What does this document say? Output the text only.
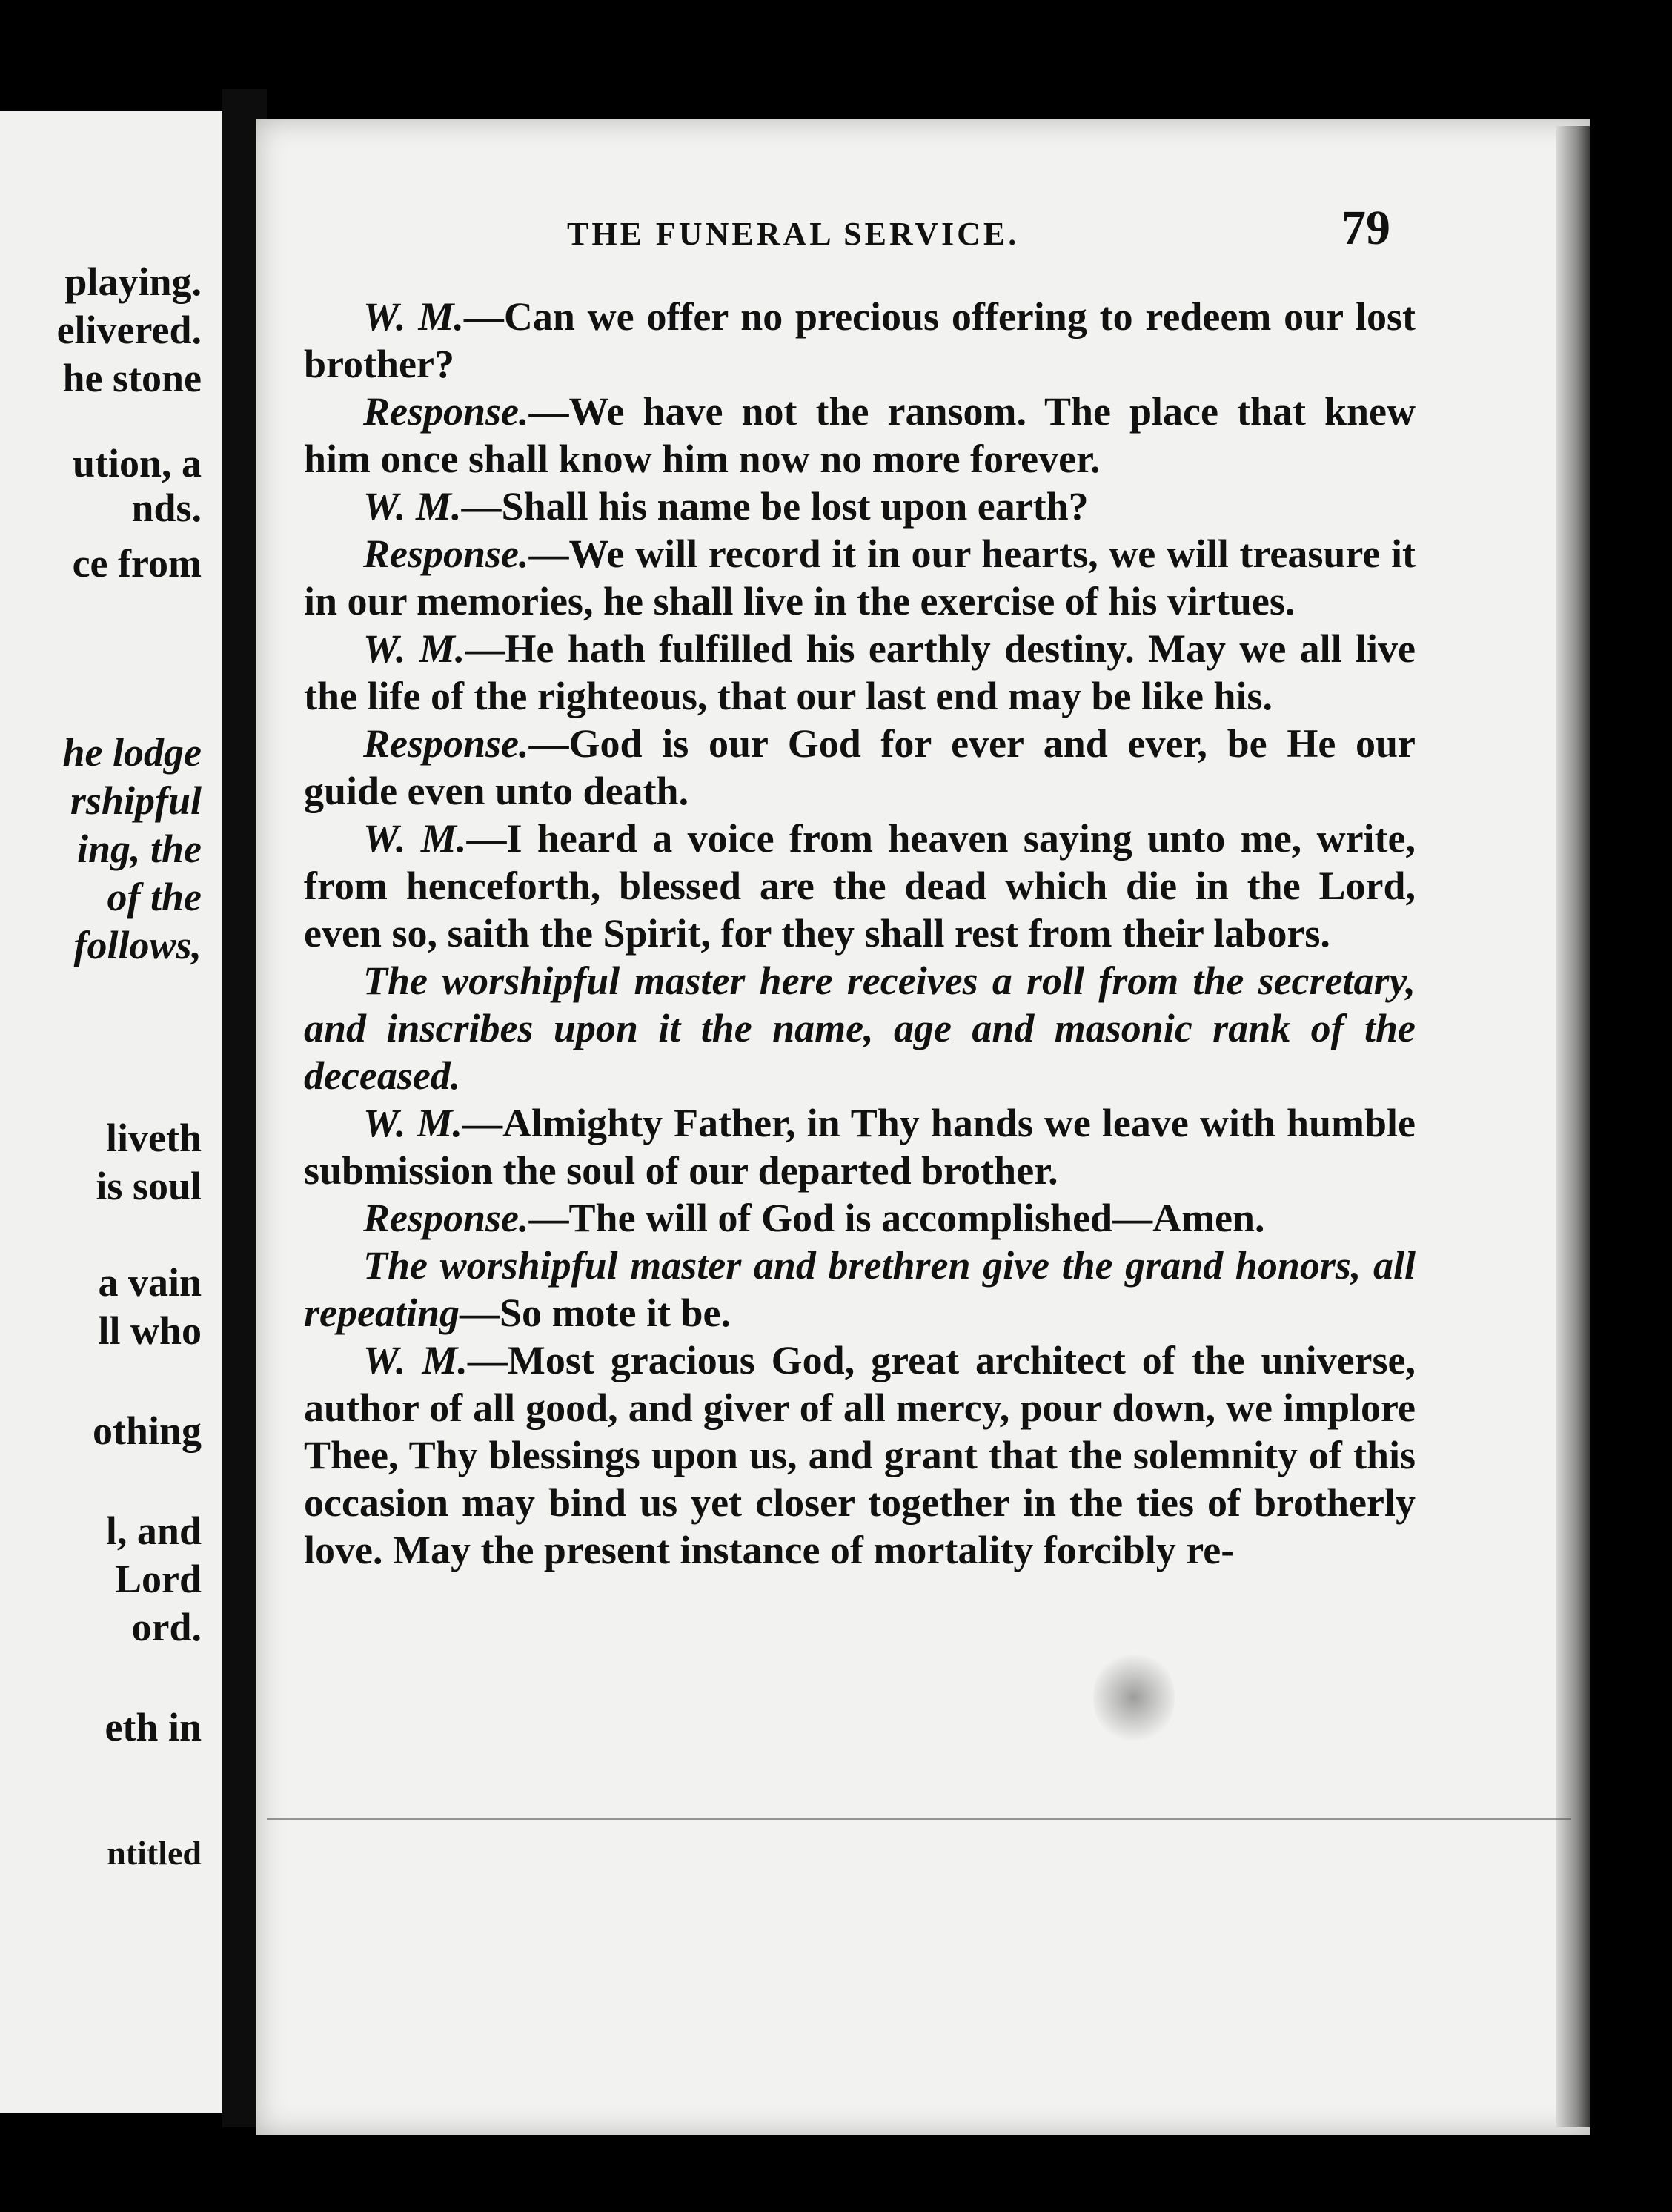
playing.
elivered.
he stone
ution, a
nds.
ce from
he lodge
rshipful
ing, the
of the
follows,
liveth
is soul
a vain
ll who
othing
l, and
Lord
ord.
eth in
ntitled
THE FUNERAL SERVICE.	79

W. M.—Can we offer no precious offering to redeem our lost brother?

Response.—We have not the ransom. The place that knew him once shall know him now no more forever.

W. M.—Shall his name be lost upon earth?

Response.—We will record it in our hearts, we will treasure it in our memories, he shall live in the exercise of his virtues.

W. M.—He hath fulfilled his earthly destiny. May we all live the life of the righteous, that our last end may be like his.

Response.—God is our God for ever and ever, be He our guide even unto death.

W. M.—I heard a voice from heaven saying unto me, write, from henceforth, blessed are the dead which die in the Lord, even so, saith the Spirit, for they shall rest from their labors.

The worshipful master here receives a roll from the secretary, and inscribes upon it the name, age and masonic rank of the deceased.

W. M.—Almighty Father, in Thy hands we leave with humble submission the soul of our departed brother.

Response.—The will of God is accomplished—Amen.

The worshipful master and brethren give the grand honors, all repeating—So mote it be.

W. M.—Most gracious God, great architect of the universe, author of all good, and giver of all mercy, pour down, we implore Thee, Thy blessings upon us, and grant that the solemnity of this occasion may bind us yet closer together in the ties of brotherly love. May the present instance of mortality forcibly re-
